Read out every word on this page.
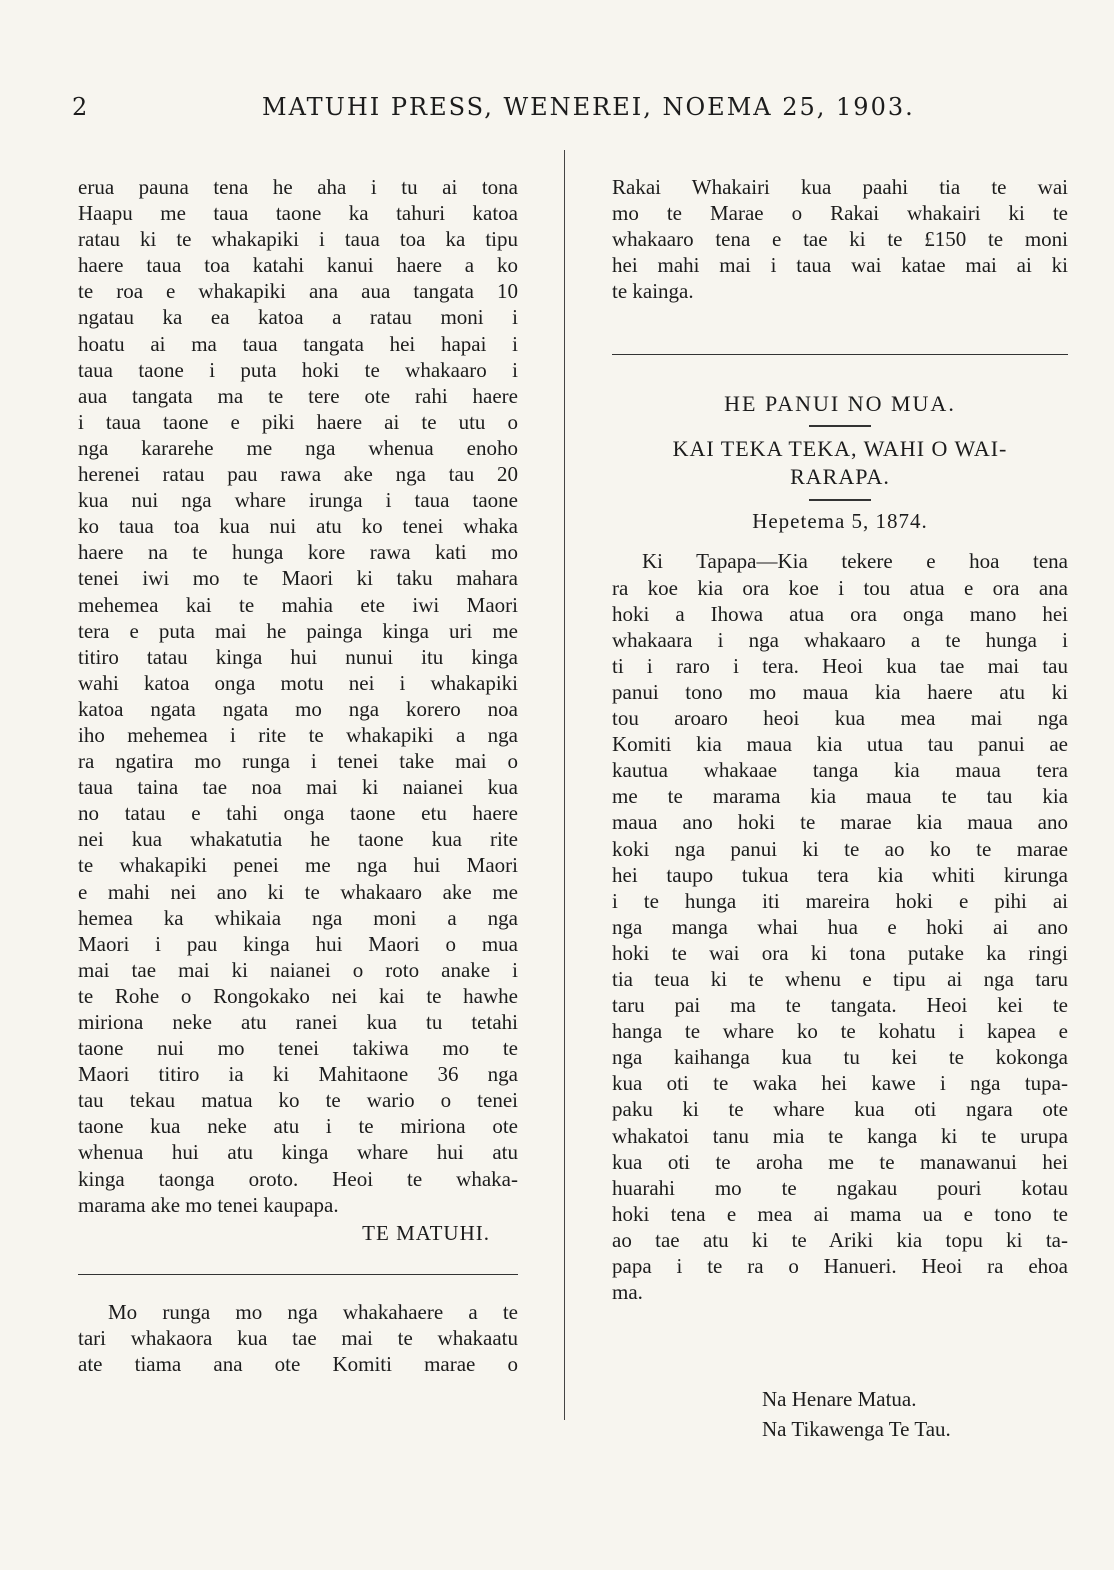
2	MATUHI PRESS, WENEREI, NOEMA 25, 1903.
erua pauna tena he aha i tu ai tona
Haapu me taua taone ka tahuri katoa
ratau ki te whakapiki i taua toa ka tipu
haere taua toa katahi kanui haere a ko
te roa e whakapiki ana aua tangata 10
ngatau ka ea katoa a ratau moni i
hoatu ai ma taua tangata hei hapai i
taua taone i puta hoki te whakaaro i
aua tangata ma te tere ote rahi haere
i taua taone e piki haere ai te utu o
nga kararehe me nga whenua enoho
herenei ratau pau rawa ake nga tau 20
kua nui nga whare irunga i taua taone
ko taua toa kua nui atu ko tenei whaka
haere na te hunga kore rawa kati mo
tenei iwi mo te Maori ki taku mahara
mehemea kai te mahia ete iwi Maori
tera e puta mai he painga kinga uri me
titiro tatau kinga hui nunui itu kinga
wahi katoa onga motu nei i whakapiki
katoa ngata ngata mo nga korero noa
iho mehemea i rite te whakapiki a nga
ra ngatira mo runga i tenei take mai o
taua taina tae noa mai ki naianei kua
no tatau e tahi onga taone etu haere
nei kua whakatutia he taone kua rite
te whakapiki penei me nga hui Maori
e mahi nei ano ki te whakaaro ake me
hemea ka whikaia nga moni a nga
Maori i pau kinga hui Maori o mua
mai tae mai ki naianei o roto anake i
te Rohe o Rongokako nei kai te hawhe
miriona neke atu ranei kua tu tetahi
taone nui mo tenei takiwa mo te
Maori titiro ia ki Mahitaone 36 nga
tau tekau matua ko te wario o tenei
taone kua neke atu i te miriona ote
whenua hui atu kinga whare hui atu
kinga taonga oroto. Heoi te whaka-
marama ake mo tenei kaupapa.
TE MATUHI.
Mo runga mo nga whakahaere a te
tari whakaora kua tae mai te whakaatu
ate tiama ana ote Komiti marae o
Rakai Whakairi kua paahi tia te wai
mo te Marae o Rakai whakairi ki te
whakaaro tena e tae ki te £150 te moni
hei mahi mai i taua wai katae mai ai ki
te kainga.
HE PANUI NO MUA.
KAI TEKA TEKA, WAHI O WAI-
RARAPA.
Hepetema 5, 1874.
Ki Tapapa—Kia tekere e hoa tena
ra koe kia ora koe i tou atua e ora ana
hoki a Ihowa atua ora onga mano hei
whakaara i nga whakaaro a te hunga i
ti i raro i tera. Heoi kua tae mai tau
panui tono mo maua kia haere atu ki
tou aroaro heoi kua mea mai nga
Komiti kia maua kia utua tau panui ae
kautua whakaae tanga kia maua tera
me te marama kia maua te tau kia
maua ano hoki te marae kia maua ano
koki nga panui ki te ao ko te marae
hei taupo tukua tera kia whiti kirunga
i te hunga iti mareira hoki e pihi ai
nga manga whai hua e hoki ai ano
hoki te wai ora ki tona putake ka ringi
tia teua ki te whenu e tipu ai nga taru
taru pai ma te tangata. Heoi kei te
hanga te whare ko te kohatu i kapea e
nga kaihanga kua tu kei te kokonga
kua oti te waka hei kawe i nga tupa-
paku ki te whare kua oti ngara ote
whakatoi tanu mia te kanga ki te urupa
kua oti te aroha me te manawanui hei
huarahi mo te ngakau pouri kotau
hoki tena e mea ai mama ua e tono te
ao tae atu ki te Ariki kia topu ki ta-
papa i te ra o Hanueri. Heoi ra ehoa
ma.
Na Henare Matua.
Na Tikawenga Te Tau.
